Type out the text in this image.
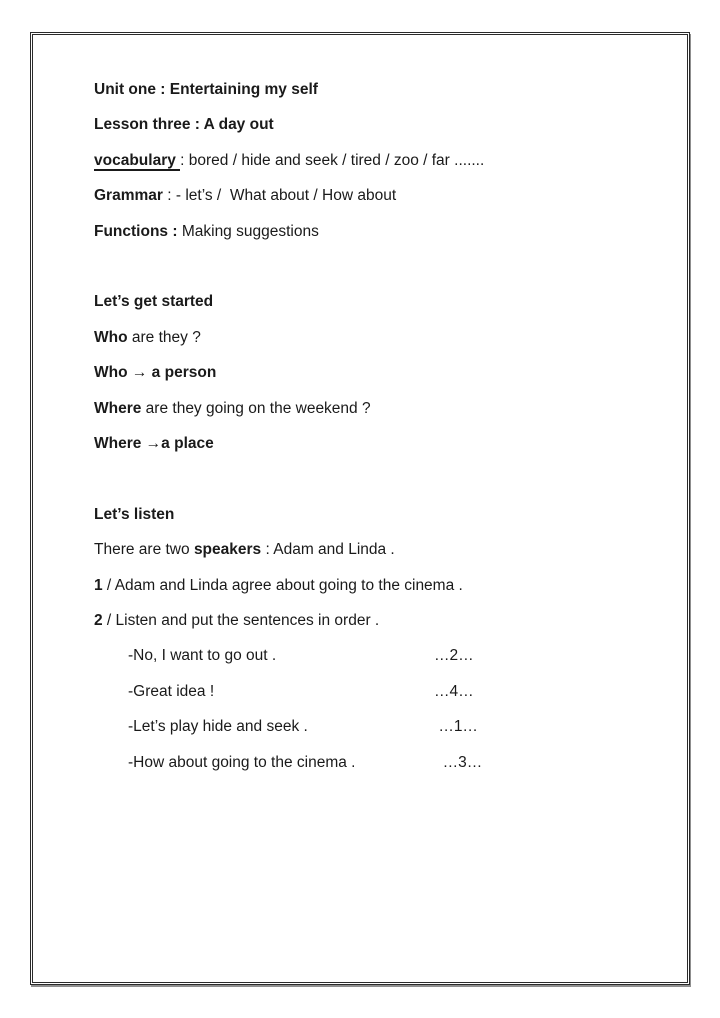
Unit one : Entertaining my self

Lesson three : A day out

vocabulary : bored / hide and seek / tired / zoo / far .......

Grammar : - let’s /  What about / How about

Functions : Making suggestions

Let’s get started

Who are they ?

Who → a person

Where are they going on the weekend ?

Where →a place

Let’s listen

There are two speakers : Adam and Linda .

1 / Adam and Linda agree about going to the cinema .

2 / Listen and put the sentences in order .

-No, I want to go out .	…2…
-Great idea !	…4…
-Let’s play hide and seek .	…1…
-How about going to the cinema .	…3…
